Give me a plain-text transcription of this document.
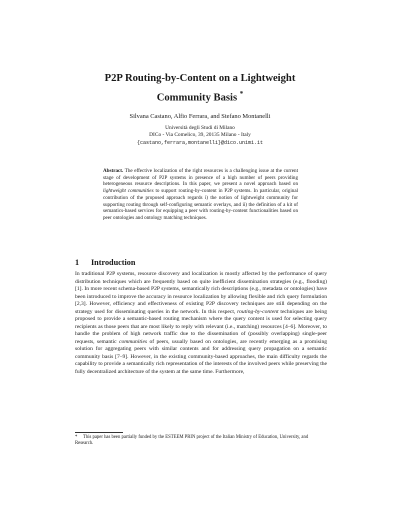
P2P Routing-by-Content on a Lightweight
Community Basis *
Silvana Castano, Alfio Ferrara, and Stefano Montanelli
Università degli Studi di Milano
DICo - Via Comelico, 39, 20135 Milano - Italy
{castano,ferrara,montanelli}@dico.unimi.it

Abstract. The effective localization of the right resources is a challenging issue at the current stage of development of P2P systems in presence of a high number of peers providing heterogeneous resource descriptions. In this paper, we present a novel approach based on lightweight communities to support routing-by-content in P2P systems. In particular, original contribution of the proposed approach regards i) the notion of lightweight community for supporting routing through self-configuring semantic overlays, and ii) the definition of a kit of semantics-based services for equipping a peer with routing-by-content functionalities based on peer ontologies and ontology matching techniques.

1 Introduction

In traditional P2P systems, resource discovery and localization is mostly affected by the performance of query distribution techniques which are frequently based on quite inefficient dissemination strategies (e.g., flooding) [1]. In more recent schema-based P2P systems, semantically rich descriptions (e.g., metadata or ontologies) have been introduced to improve the accuracy in resource localization by allowing flexible and rich query formulation [2,3]. However, efficiency and effectiveness of existing P2P discovery techniques are still depending on the strategy used for disseminating queries in the network. In this respect, routing-by-content techniques are being proposed to provide a semantic-based routing mechanism where the query content is used for selecting query recipients as those peers that are most likely to reply with relevant (i.e., matching) resources [4–6]. Moreover, to handle the problem of high network traffic due to the dissemination of (possibly overlapping) single-peer requests, semantic communities of peers, usually based on ontologies, are recently emerging as a promising solution for aggregating peers with similar contents and for addressing query propagation on a semantic community basis [7–9]. However, in the existing community-based approaches, the main difficulty regards the capability to provide a semantically rich representation of the interests of the involved peers while preserving the fully decentralized architecture of the system at the same time. Furthermore,

* This paper has been partially funded by the ESTEEM PRIN project of the Italian Ministry of Education, University, and Research.
